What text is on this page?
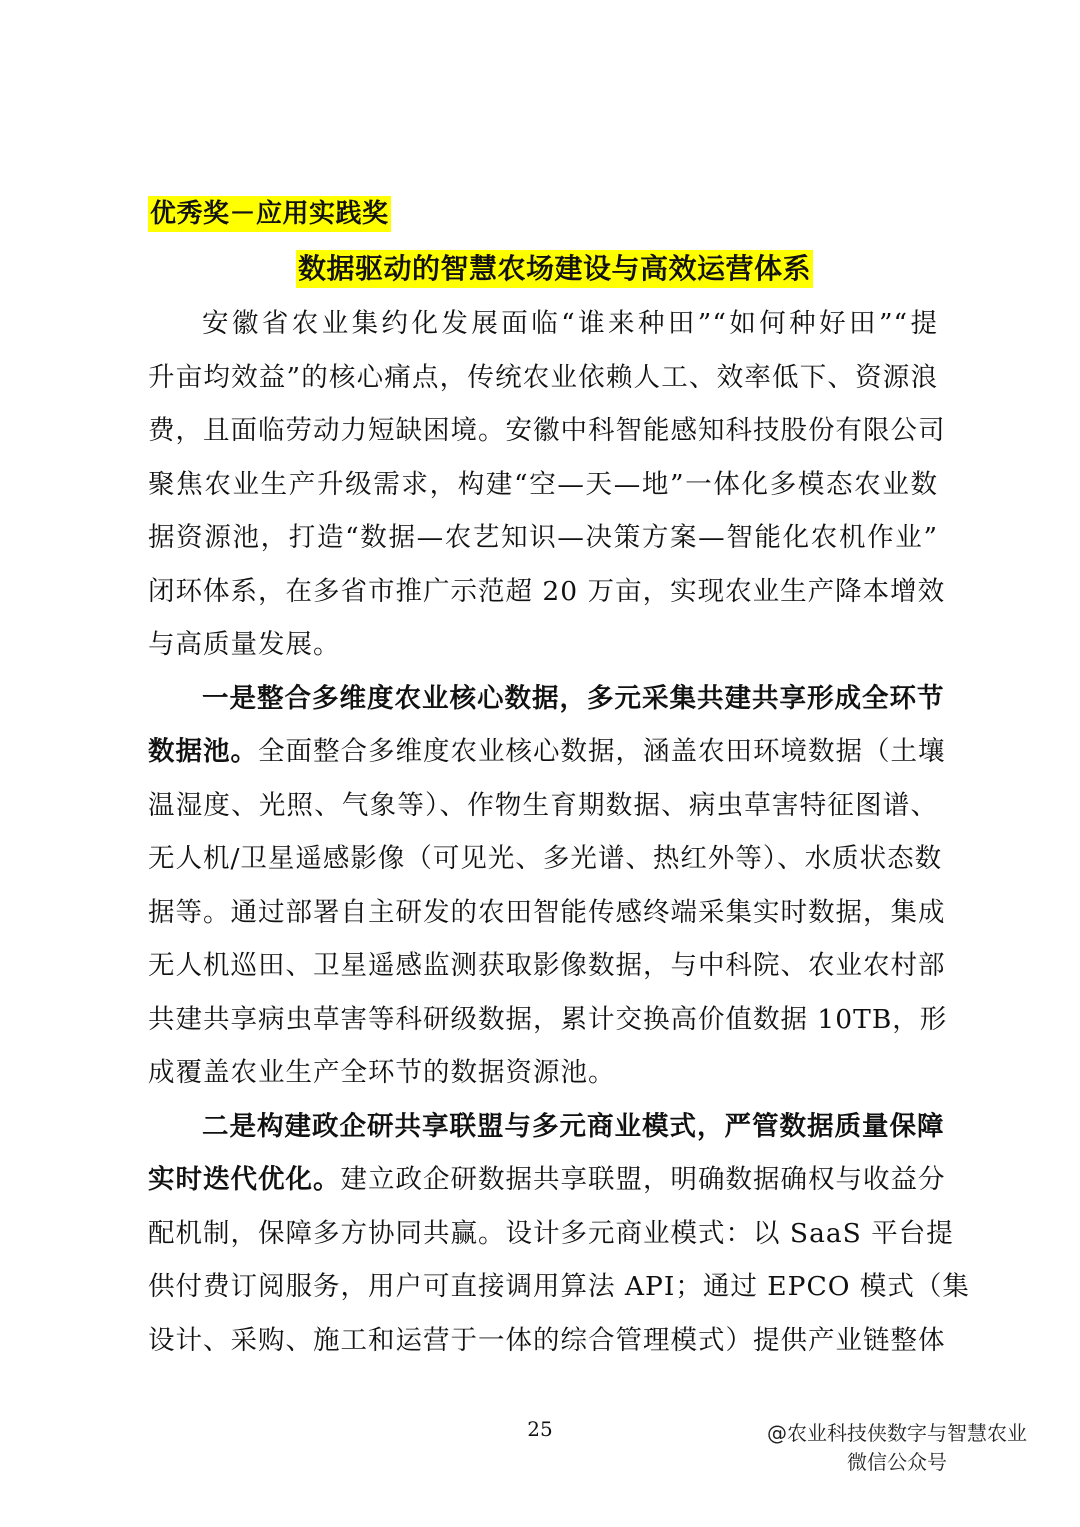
优秀奖－应用实践奖
数据驱动的智慧农场建设与高效运营体系
安徽省农业集约化发展面临“谁来种田”“如何种好田”“提
升亩均效益”的核心痛点，传统农业依赖人工、效率低下、资源浪
费，且面临劳动力短缺困境。安徽中科智能感知科技股份有限公司
聚焦农业生产升级需求，构建“空—天—地”一体化多模态农业数
据资源池，打造“数据—农艺知识—决策方案—智能化农机作业”
闭环体系，在多省市推广示范超 20 万亩，实现农业生产降本增效
与高质量发展。
一是整合多维度农业核心数据，多元采集共建共享形成全环节
数据池。全面整合多维度农业核心数据，涵盖农田环境数据（土壤
温湿度、光照、气象等）、作物生育期数据、病虫草害特征图谱、
无人机/卫星遥感影像（可见光、多光谱、热红外等）、水质状态数
据等。通过部署自主研发的农田智能传感终端采集实时数据，集成
无人机巡田、卫星遥感监测获取影像数据，与中科院、农业农村部
共建共享病虫草害等科研级数据，累计交换高价值数据 10TB，形
成覆盖农业生产全环节的数据资源池。
二是构建政企研共享联盟与多元商业模式，严管数据质量保障
实时迭代优化。建立政企研数据共享联盟，明确数据确权与收益分
配机制，保障多方协同共赢。设计多元商业模式：以 SaaS 平台提
供付费订阅服务，用户可直接调用算法 API；通过 EPCO 模式（集
设计、采购、施工和运营于一体的综合管理模式）提供产业链整体
25	@农业科技侠数字与智慧农业
微信公众号
